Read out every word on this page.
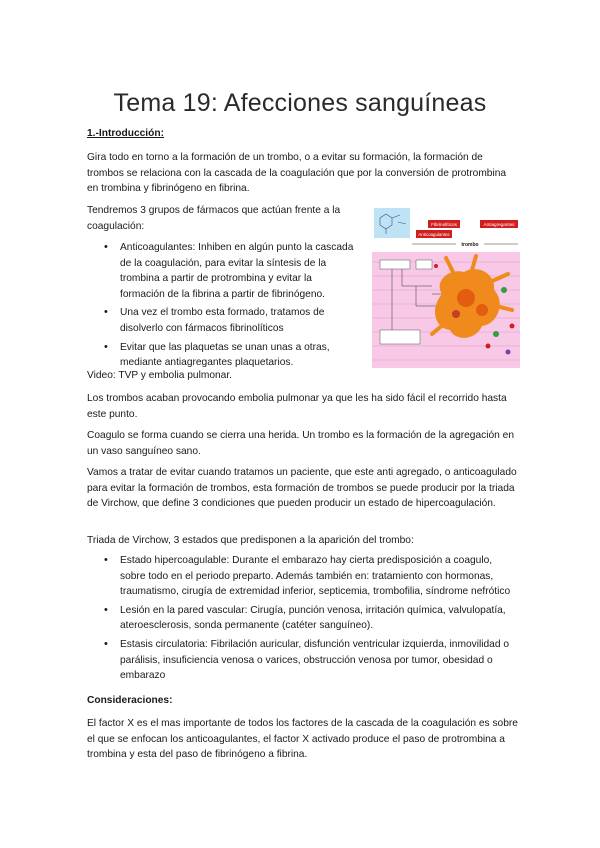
Tema 19: Afecciones sanguíneas
1.-Introducción:

Gira todo en torno a la formación de un trombo, o a evitar su formación, la formación de trombos se relaciona con la cascada de la coagulación que por la conversión de protrombina en trombina y fibrinógeno en fibrina.

Tendremos 3 grupos de fármacos que actúan frente a la coagulación:

• Anticoagulantes: Inhiben en algún punto la cascada de la coagulación, para evitar la síntesis de la trombina a partir de protrombina y evitar la formación de la fibrina a partir de fibrinógeno.
• Una vez el trombo esta formado, tratamos de disolverlo con fármacos fibrinolíticos
• Evitar que las plaquetas se unan unas a otras, mediante antiagregantes plaquetarios.
Fibrinolíticos	Antiagregantes
Anticoagulantes
trombo

Video: TVP y embolia pulmonar.

Los trombos acaban provocando embolia pulmonar ya que les ha sido fácil el recorrido hasta este punto.

Coagulo se forma cuando se cierra una herida. Un trombo es la formación de la agregación en un vaso sanguíneo sano.

Vamos a tratar de evitar cuando tratamos un paciente, que este anti agregado, o anticoagulado para evitar la formación de trombos, esta formación de trombos se puede producir por la triada de Virchow, que define 3 condiciones que pueden producir un estado de hipercoagulación.

Triada de Virchow, 3 estados que predisponen a la aparición del trombo:

• Estado hipercoagulable: Durante el embarazo hay cierta predisposición a coagulo, sobre todo en el periodo preparto. Además también en: tratamiento con hormonas, traumatismo, cirugía de extremidad inferior, septicemia, trombofilia, síndrome nefrótico
• Lesión en la pared vascular: Cirugía, punción venosa, irritación química, valvulopatía, ateroesclerosis, sonda permanente (catéter sanguíneo).
• Estasis circulatoria: Fibrilación auricular, disfunción ventricular izquierda, inmovilidad o parálisis, insuficiencia venosa o varices, obstrucción venosa por tumor, obesidad o embarazo
Consideraciones:

El factor X es el mas importante de todos los factores de la cascada de la coagulación es sobre el que se enfocan los anticoagulantes, el factor X activado produce el paso de protrombina a trombina y esta del paso de fibrinógeno a fibrina.
